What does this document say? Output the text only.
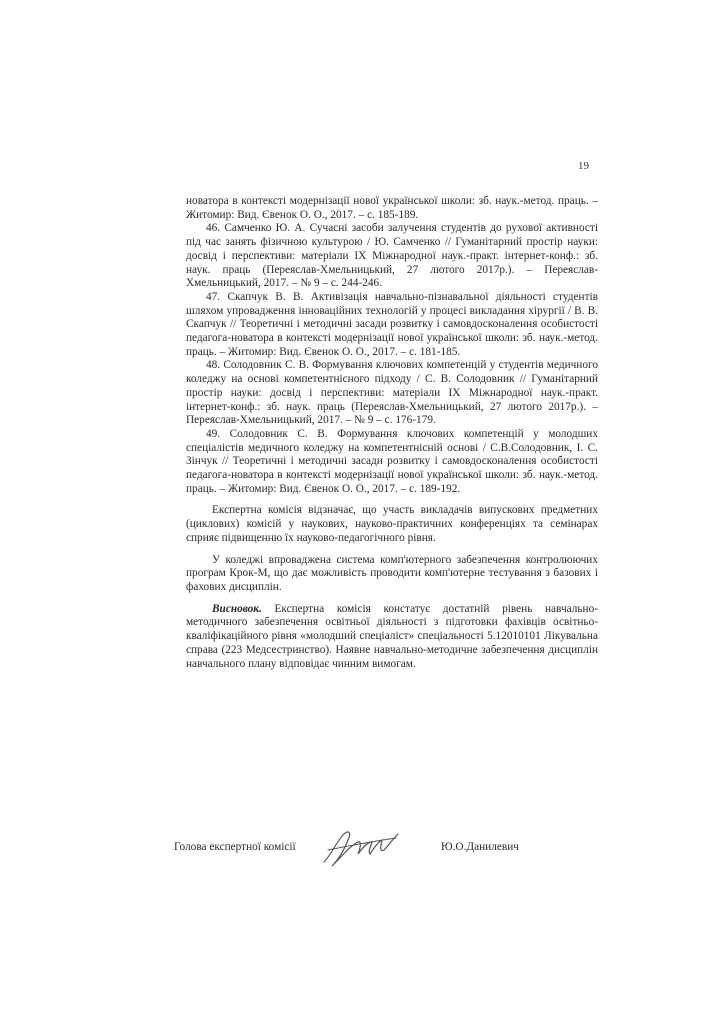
19

новатора в контексті модернізації нової української школи: зб. наук.-метод. праць. – Житомир: Вид. Євенок О. О., 2017. – с. 185-189.

46. Самченко Ю. А. Сучасні засоби залучення студентів до рухової активності під час занять фізичною культурою / Ю. Самченко // Гуманітарний простір науки: досвід і перспективи: матеріали IX Міжнародної наук.-практ. інтернет-конф.: зб. наук. праць (Переяслав-Хмельницький, 27 лютого 2017р.). – Переяслав-Хмельницький, 2017. – № 9 – с. 244-246.

47. Скапчук В. В. Активізація навчально-пізнавальної діяльності студентів шляхом упровадження інноваційних технологій у процесі викладання хірургії / В. В. Скапчук // Теоретичні і методичні засади розвитку і самовдосконалення особистості педагога-новатора в контексті модернізації нової української школи: зб. наук.-метод. праць. – Житомир: Вид. Євенок О. О., 2017. – с. 181-185.

48. Солодовник С. В. Формування ключових компетенцій у студентів медичного коледжу на основі компетентнісного підходу / С. В. Солодовник // Гуманітарний простір науки: досвід і перспективи: матеріали IX Міжнародної наук.-практ. інтернет-конф.: зб. наук. праць (Переяслав-Хмельницький, 27 лютого 2017р.). – Переяслав-Хмельницький, 2017. – № 9 – с. 176-179.

49. Солодовник С. В. Формування ключових компетенцій у молодших спеціалістів медичного коледжу на компетентнісній основі / С.В.Солодовник, І. С. Зінчук // Теоретичні і методичні засади розвитку і самовдосконалення особистості педагога-новатора в контексті модернізації нової української школи: зб. наук.-метод. праць. – Житомир: Вид. Євенок О. О., 2017. – с. 189-192.

Експертна комісія відзначає, що участь викладачів випускових предметних (циклових) комісій у наукових, науково-практичних конференціях та семінарах сприяє підвищенню їх науково-педагогічного рівня.

У коледжі впроваджена система комп'ютерного забезпечення контролюючих програм Крок-М, що дає можливість проводити комп'ютерне тестування з базових і фахових дисциплін.

Висновок. Експертна комісія констатує достатній рівень навчально-методичного забезпечення освітньої діяльності з підготовки фахівців освітньо-кваліфікаційного рівня «молодший спеціаліст» спеціальності 5.12010101 Лікувальна справа (223 Медсестринство). Наявне навчально-методичне забезпечення дисциплін навчального плану відповідає чинним вимогам.

Голова експертної комісії	Ю.О.Данилевич
